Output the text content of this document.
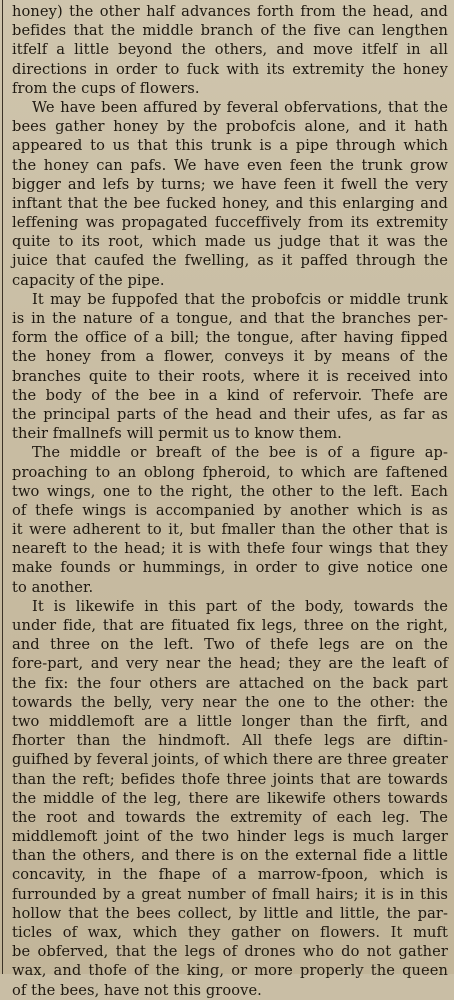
honey) the other half advances forth from the head, and
befides that the middle branch of the five can lengthen
itfelf a little beyond the others, and move itfelf in all
directions in order to fuck with its extremity the honey
from the cups of flowers.
We have been affured by feveral obfervations, that the
bees gather honey by the probofcis alone, and it hath
appeared to us that this trunk is a pipe through which
the honey can pafs. We have even feen the trunk grow
bigger and lefs by turns; we have feen it fwell the very
inftant that the bee fucked honey, and this enlarging and
leffening was propagated fucceffively from its extremity
quite to its root, which made us judge that it was the
juice that caufed the fwelling, as it paffed through the
capacity of the pipe.
It may be fuppofed that the probofcis or middle trunk
is in the nature of a tongue, and that the branches per-
form the office of a bill; the tongue, after having fipped
the honey from a flower, conveys it by means of the
branches quite to their roots, where it is received into
the body of the bee in a kind of refervoir. Thefe are
the principal parts of the head and their ufes, as far as
their fmallnefs will permit us to know them.
The middle or breaft of the bee is of a figure ap-
proaching to an oblong fpheroid, to which are faftened
two wings, one to the right, the other to the left. Each
of thefe wings is accompanied by another which is as
it were adherent to it, but fmaller than the other that is
neareft to the head; it is with thefe four wings that they
make founds or hummings, in order to give notice one
to another.
It is likewife in this part of the body, towards the
under fide, that are fituated fix legs, three on the right,
and three on the left. Two of thefe legs are on the
fore-part, and very near the head; they are the leaft of
the fix: the four others are attached on the back part
towards the belly, very near the one to the other: the
two middlemoft are a little longer than the firft, and
fhorter than the hindmoft. All thefe legs are diftin-
guifhed by feveral joints, of which there are three greater
than the reft; befides thofe three joints that are towards
the middle of the leg, there are likewife others towards
the root and towards the extremity of each leg. The
middlemoft joint of the two hinder legs is much larger
than the others, and there is on the external fide a little
concavity, in the fhape of a marrow-fpoon, which is
furrounded by a great number of fmall hairs; it is in this
hollow that the bees collect, by little and little, the par-
ticles of wax, which they gather on flowers. It muft
be obferved, that the legs of drones who do not gather
wax, and thofe of the king, or more properly the queen
of the bees, have not this groove.
